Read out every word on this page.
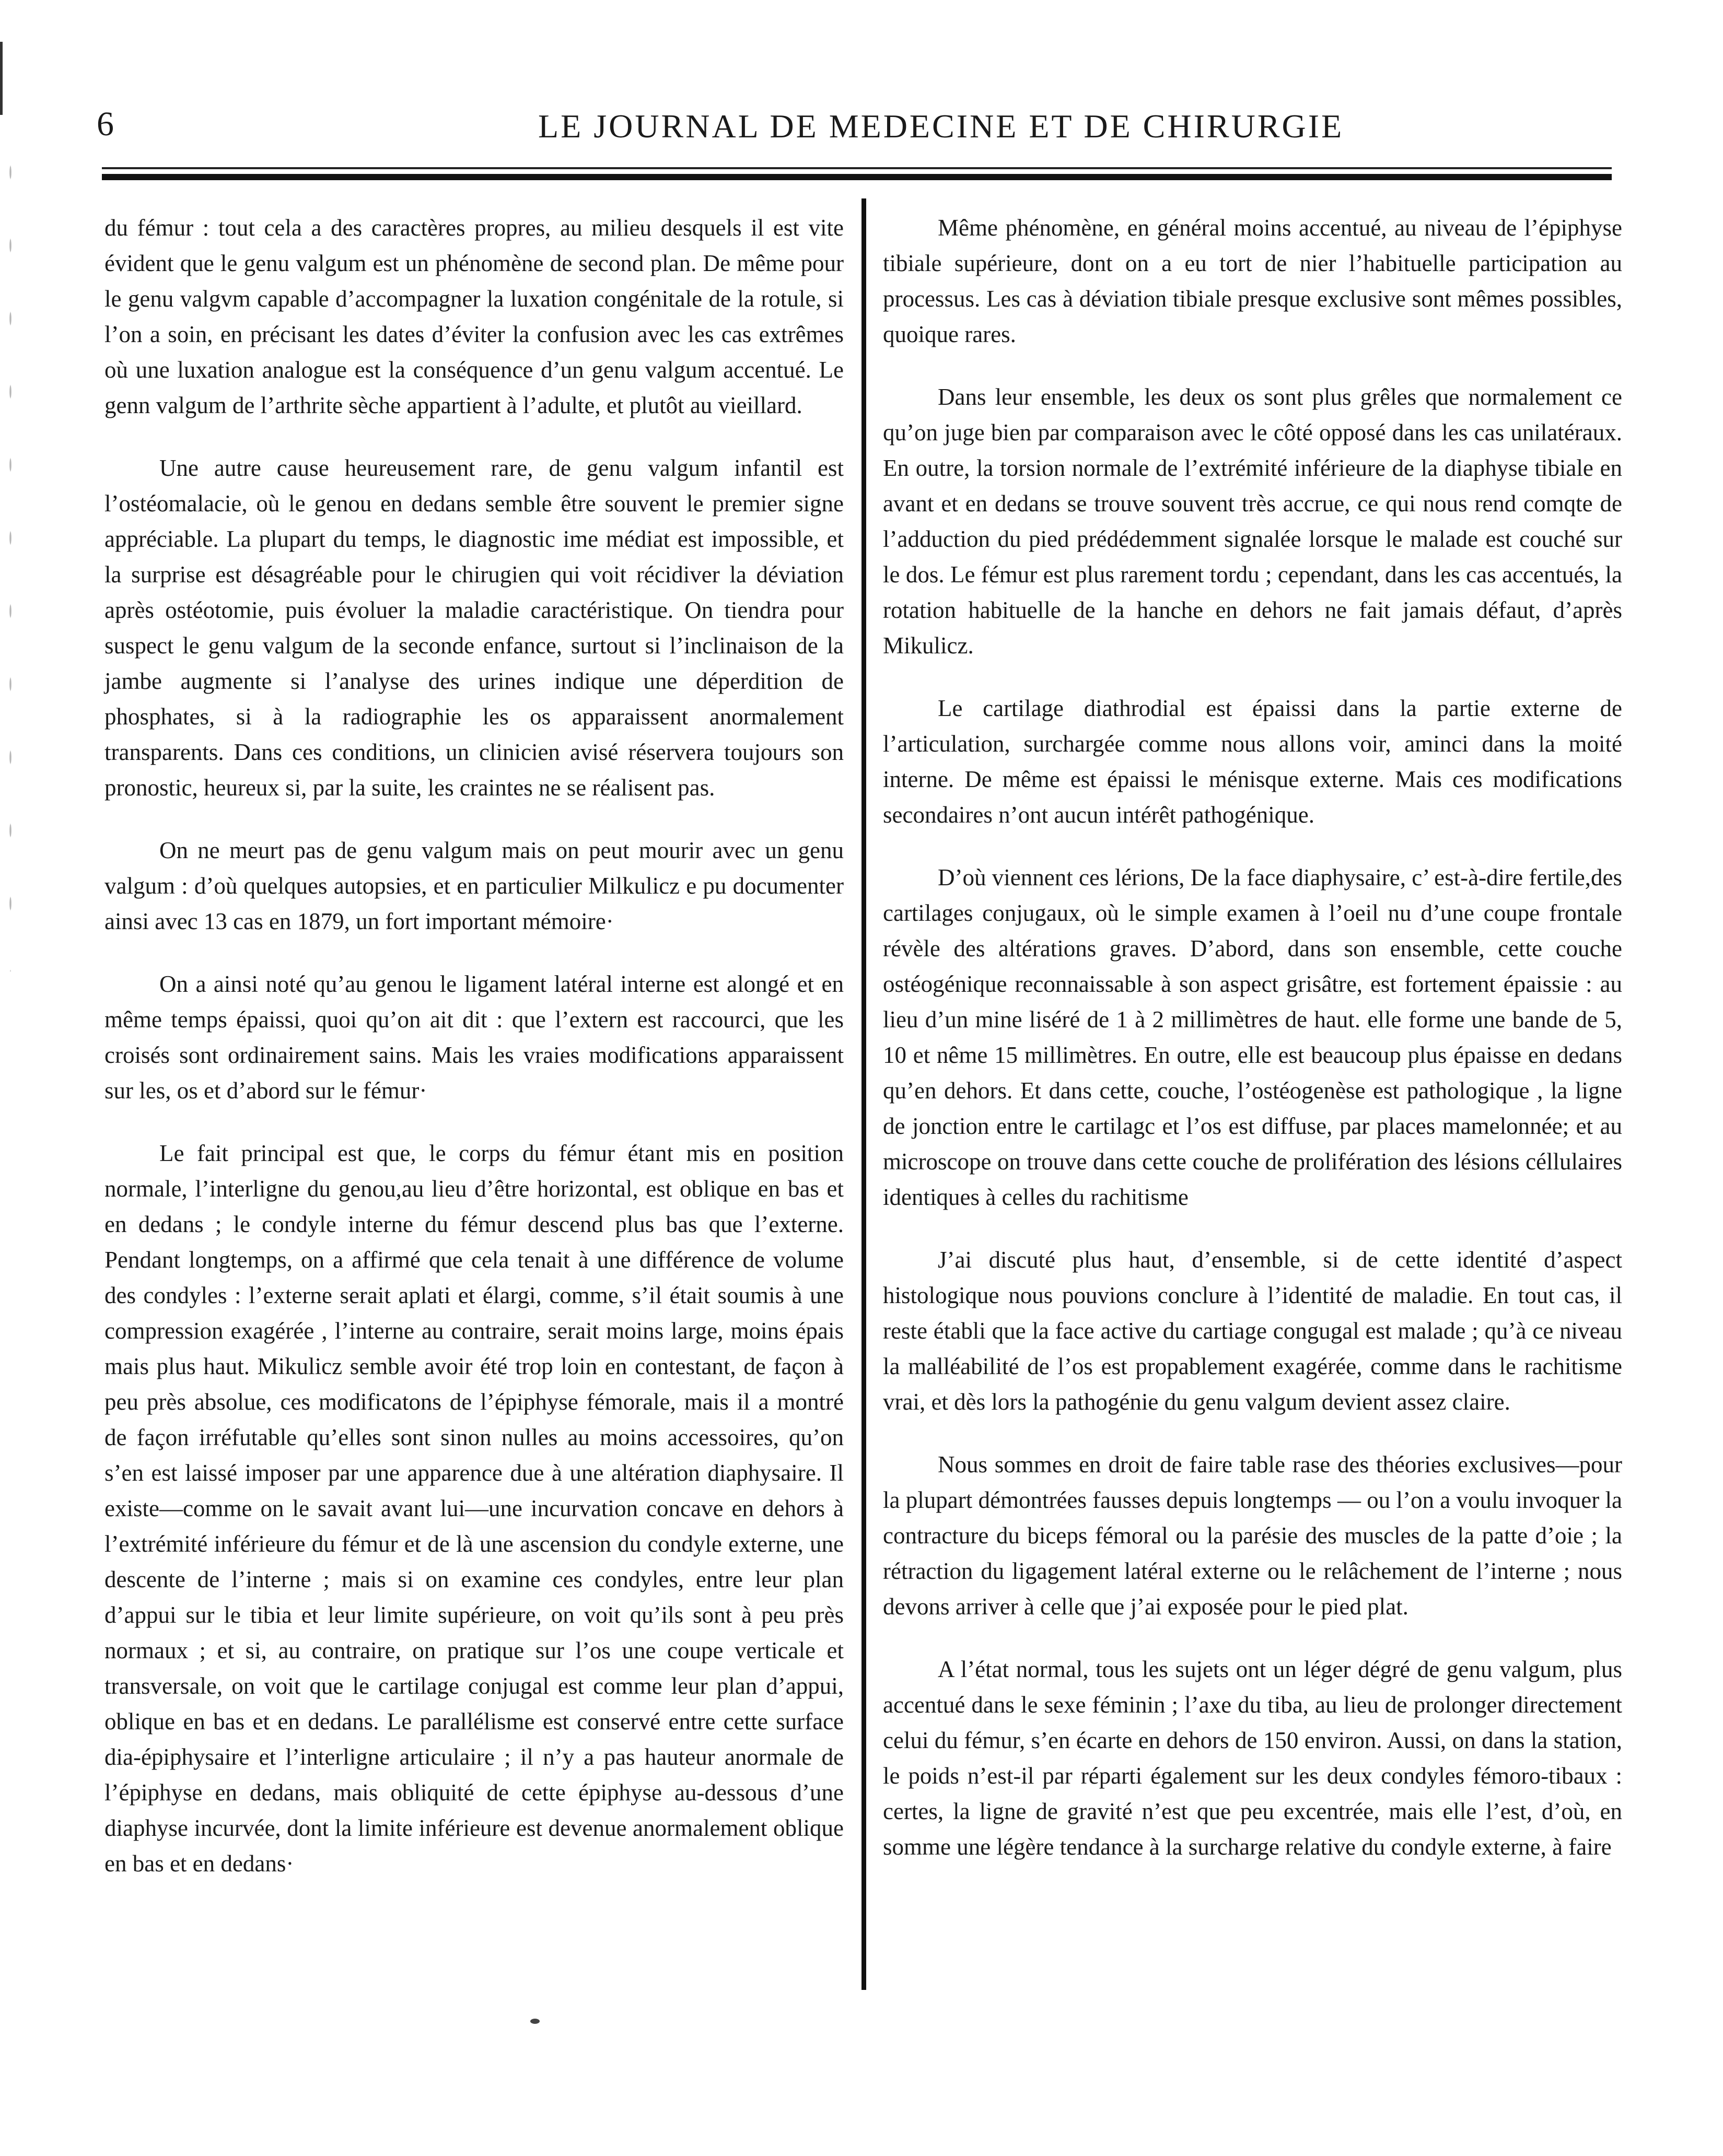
6	LE JOURNAL DE MEDECINE ET DE CHIRURGIE

du fémur : tout cela a des caractères propres, au milieu desquels il est vite évident que le genu valgum est un phénomène de second plan. De même pour le genu valgvm capable d’accompagner la luxation congénitale de la rotule, si l’on a soin, en précisant les dates d’éviter la confusion avec les cas extrêmes où une luxation analogue est la conséquence d’un genu valgum accentué. Le genn valgum de l’arthrite sèche appartient à l’adulte, et plutôt au vieillard.

Une autre cause heureusement rare, de genu valgum infantil est l’ostéomalacie, où le genou en dedans semble être souvent le premier signe appréciable. La plupart du temps, le diagnostic ime médiat est impossible, et la surprise est désagréable pour le chirugien qui voit récidiver la déviation après ostéotomie, puis évoluer la maladie caractéristique. On tiendra pour suspect le genu valgum de la seconde enfance, surtout si l’inclinaison de la jambe augmente si l’analyse des urines indique une déperdition de phosphates, si à la radiographie les os apparaissent anormalement transparents. Dans ces conditions, un clinicien avisé réservera toujours son pronostic, heureux si, par la suite, les craintes ne se réalisent pas.

On ne meurt pas de genu valgum mais on peut mourir avec un genu valgum : d’où quelques autopsies, et en particulier Milkulicz e pu documenter ainsi avec 13 cas en 1879, un fort important mémoire·

On a ainsi noté qu’au genou le ligament latéral interne est alongé et en même temps épaissi, quoi qu’on ait dit : que l’extern est raccourci, que les croisés sont ordinairement sains. Mais les vraies modifications apparaissent sur les, os et d’abord sur le fémur·

Le fait principal est que, le corps du fémur étant mis en position normale, l’interligne du genou,au lieu d’être horizontal, est oblique en bas et en dedans ; le condyle interne du fémur descend plus bas que l’externe. Pendant longtemps, on a affirmé que cela tenait à une différence de volume des condyles : l’externe serait aplati et élargi, comme, s’il était soumis à une compression exagérée , l’interne au contraire, serait moins large, moins épais mais plus haut. Mikulicz semble avoir été trop loin en contestant, de façon à peu près absolue, ces modificatons de l’épiphyse fémorale, mais il a montré de façon irréfutable qu’elles sont sinon nulles au moins accessoires, qu’on s’en est laissé imposer par une apparence due à une altération diaphysaire. Il existe—comme on le savait avant lui—une incurvation concave en dehors à l’extrémité inférieure du fémur et de là une ascension du condyle externe, une descente de l’interne ; mais si on examine ces condyles, entre leur plan d’appui sur le tibia et leur limite supérieure, on voit qu’ils sont à peu près normaux ; et si, au contraire, on pratique sur l’os une coupe verticale et transversale, on voit que le cartilage conjugal est comme leur plan d’appui, oblique en bas et en dedans. Le parallélisme est conservé entre cette surface dia-épiphysaire et l’interligne articulaire ; il n’y a pas hauteur anormale de l’épiphyse en dedans, mais obliquité de cette épiphyse au-dessous d’une diaphyse incurvée, dont la limite inférieure est devenue anormalement oblique en bas et en dedans·

Même phénomène, en général moins accentué, au niveau de l’épiphyse tibiale supérieure, dont on a eu tort de nier l’habituelle participation au processus. Les cas à déviation tibiale presque exclusive sont mêmes possibles, quoique rares.

Dans leur ensemble, les deux os sont plus grêles que normalement ce qu’on juge bien par comparaison avec le côté opposé dans les cas unilatéraux. En outre, la torsion normale de l’extrémité inférieure de la diaphyse tibiale en avant et en dedans se trouve souvent très accrue, ce qui nous rend comqte de l’adduction du pied prédédemment signalée lorsque le malade est couché sur le dos. Le fémur est plus rarement tordu ; cependant, dans les cas accentués, la rotation habituelle de la hanche en dehors ne fait jamais défaut, d’après Mikulicz.

Le cartilage diathrodial est épaissi dans la partie externe de l’articulation, surchargée comme nous allons voir, aminci dans la moité interne. De même est épaissi le ménisque externe. Mais ces modifications secondaires n’ont aucun intérêt pathogénique.

D’où viennent ces lérions, De la face diaphysaire, c’ est-à-dire fertile,des cartilages conjugaux, où le simple examen à l’oeil nu d’une coupe frontale révèle des altérations graves. D’abord, dans son ensemble, cette couche ostéogénique reconnaissable à son aspect grisâtre, est fortement épaissie : au lieu d’un mine liséré de 1 à 2 millimètres de haut. elle forme une bande de 5, 10 et nême 15 millimètres. En outre, elle est beaucoup plus épaisse en dedans qu’en dehors. Et dans cette, couche, l’ostéogenèse est pathologique , la ligne de jonction entre le cartilagc et l’os est diffuse, par places mamelonnée; et au microscope on trouve dans cette couche de prolifération des lésions céllulaires identiques à celles du rachitisme

J’ai discuté plus haut, d’ensemble, si de cette identité d’aspect histologique nous pouvions conclure à l’identité de maladie. En tout cas, il reste établi que la face active du cartiage congugal est malade ; qu’à ce niveau la malléabilité de l’os est propablement exagérée, comme dans le rachitisme vrai, et dès lors la pathogénie du genu valgum devient assez claire.

Nous sommes en droit de faire table rase des théories exclusives—pour la plupart démontrées fausses depuis longtemps — ou l’on a voulu invoquer la contracture du biceps fémoral ou la parésie des muscles de la patte d’oie ; la rétraction du ligagement latéral externe ou le relâchement de l’interne ; nous devons arriver à celle que j’ai exposée pour le pied plat.

A l’état normal, tous les sujets ont un léger dégré de genu valgum, plus accentué dans le sexe féminin ; l’axe du tiba, au lieu de prolonger directement celui du fémur, s’en écarte en dehors de 150 environ. Aussi, on dans la station, le poids n’est-il par réparti également sur les deux condyles fémoro-tibaux : certes, la ligne de gravité n’est que peu excentrée, mais elle l’est, d’où, en somme une légère tendance à la surcharge relative du condyle externe, à faire
